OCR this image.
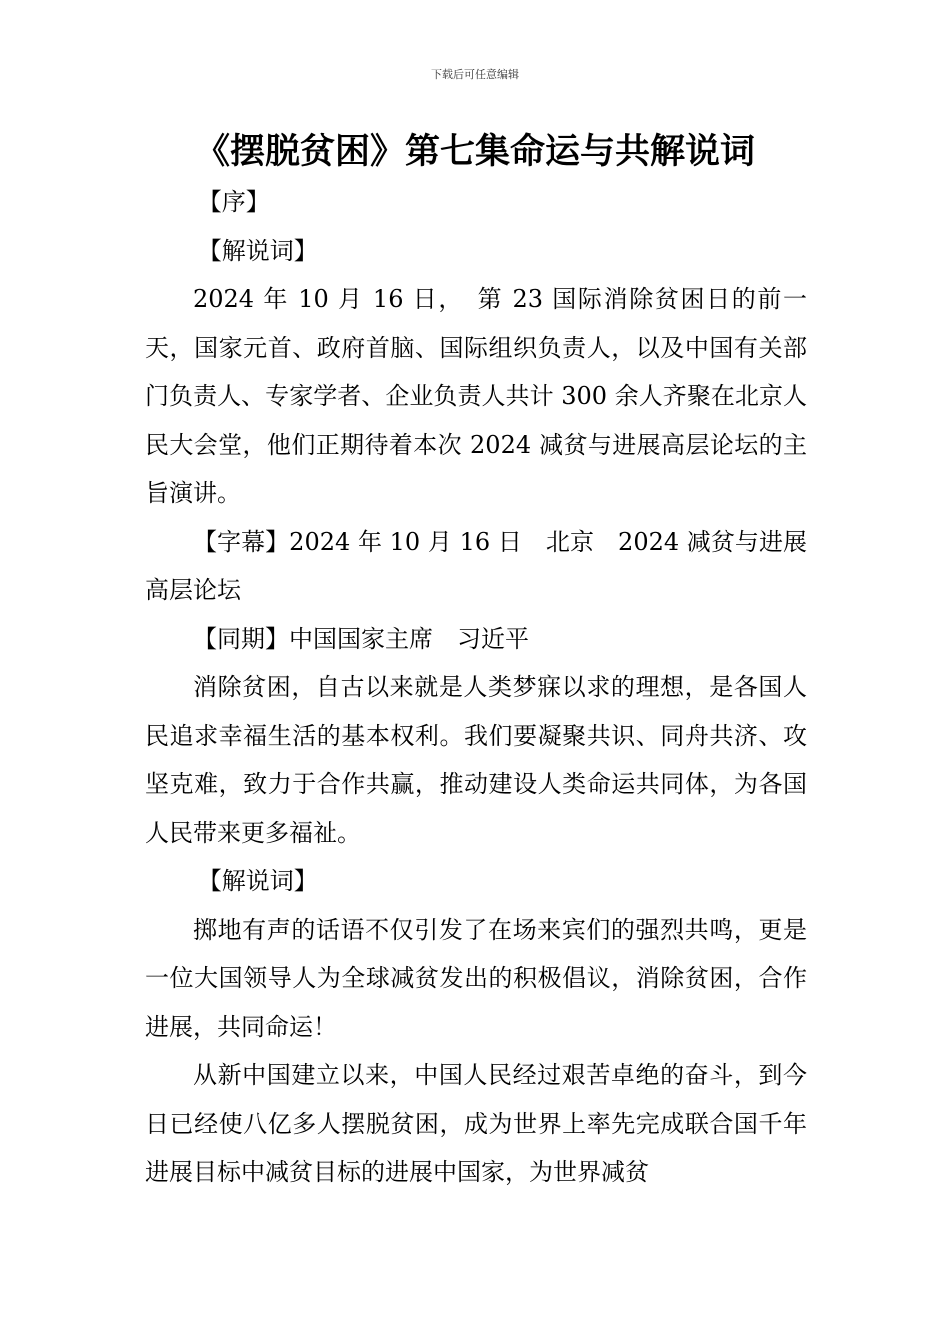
下载后可任意编辑
《摆脱贫困》第七集命运与共解说词

【序】

【解说词】

2024 年 10 月 16 日，　第 23 国际消除贫困日的前一天，国家元首、政府首脑、国际组织负责人，以及中国有关部门负责人、专家学者、企业负责人共计 300 余人齐聚在北京人民大会堂，他们正期待着本次 2024 减贫与进展高层论坛的主旨演讲。

【字幕】2024 年 10 月 16 日　北京　2024 减贫与进展高层论坛

【同期】中国国家主席　习近平

消除贫困，自古以来就是人类梦寐以求的理想，是各国人民追求幸福生活的基本权利。我们要凝聚共识、同舟共济、攻坚克难，致力于合作共赢，推动建设人类命运共同体，为各国人民带来更多福祉。

【解说词】

掷地有声的话语不仅引发了在场来宾们的强烈共鸣，更是一位大国领导人为全球减贫发出的积极倡议，消除贫困，合作进展，共同命运！

从新中国建立以来，中国人民经过艰苦卓绝的奋斗，到今日已经使八亿多人摆脱贫困，成为世界上率先完成联合国千年进展目标中减贫目标的进展中国家，为世界减贫
